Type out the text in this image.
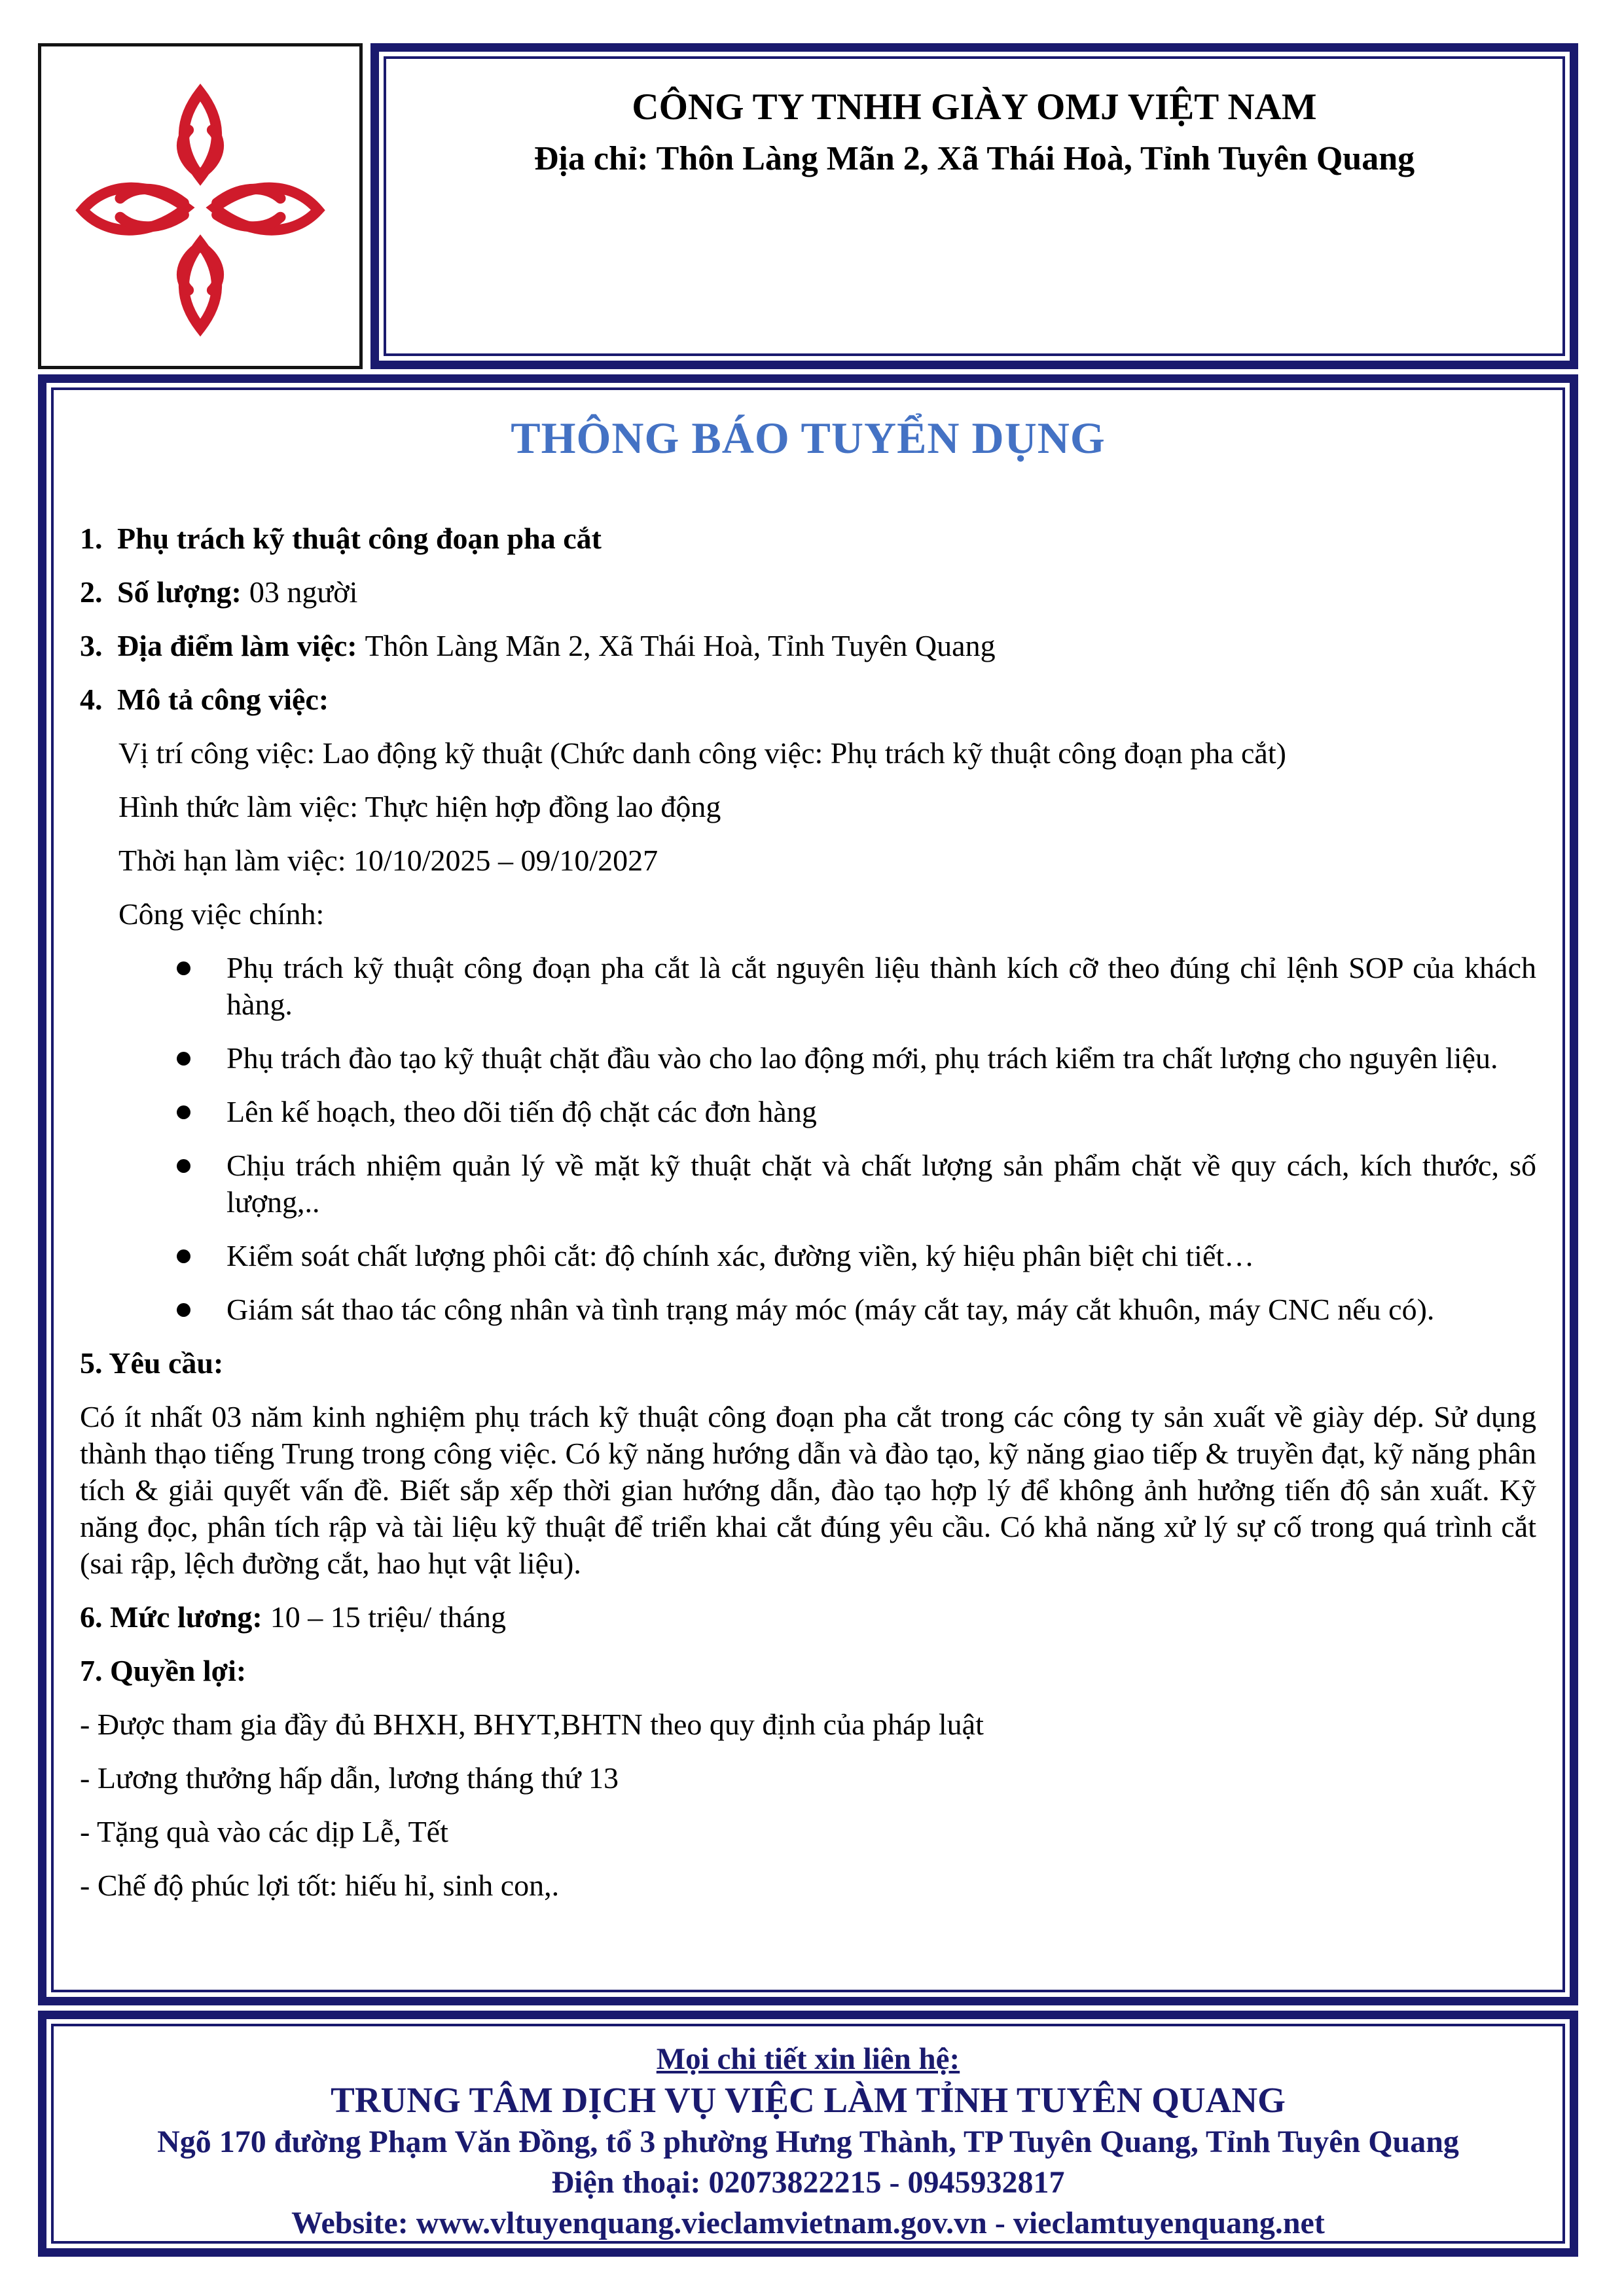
CÔNG TY TNHH GIÀY OMJ VIỆT NAM
Địa chỉ: Thôn Làng Mãn 2, Xã Thái Hoà, Tỉnh Tuyên Quang
THÔNG BÁO TUYỂN DỤNG
1. Phụ trách kỹ thuật công đoạn pha cắt
2. Số lượng: 03 người
3. Địa điểm làm việc: Thôn Làng Mãn 2, Xã Thái Hoà, Tỉnh Tuyên Quang
4. Mô tả công việc:
Vị trí công việc: Lao động kỹ thuật (Chức danh công việc: Phụ trách kỹ thuật công đoạn pha cắt)
Hình thức làm việc: Thực hiện hợp đồng lao động
Thời hạn làm việc: 10/10/2025 – 09/10/2027
Công việc chính:
Phụ trách kỹ thuật công đoạn pha cắt là cắt nguyên liệu thành kích cỡ theo đúng chỉ lệnh SOP của khách hàng.
Phụ trách đào tạo kỹ thuật chặt đầu vào cho lao động mới, phụ trách kiểm tra chất lượng cho nguyên liệu.
Lên kế hoạch, theo dõi tiến độ chặt các đơn hàng
Chịu trách nhiệm quản lý về mặt kỹ thuật chặt và chất lượng sản phẩm chặt về quy cách, kích thước, số lượng,..
Kiểm soát chất lượng phôi cắt: độ chính xác, đường viền, ký hiệu phân biệt chi tiết…
Giám sát thao tác công nhân và tình trạng máy móc (máy cắt tay, máy cắt khuôn, máy CNC nếu có).
5. Yêu cầu:
Có ít nhất 03 năm kinh nghiệm phụ trách kỹ thuật công đoạn pha cắt trong các công ty sản xuất về giày dép. Sử dụng thành thạo tiếng Trung trong công việc. Có kỹ năng hướng dẫn và đào tạo, kỹ năng giao tiếp & truyền đạt, kỹ năng phân tích & giải quyết vấn đề. Biết sắp xếp thời gian hướng dẫn, đào tạo hợp lý để không ảnh hưởng tiến độ sản xuất. Kỹ năng đọc, phân tích rập và tài liệu kỹ thuật để triển khai cắt đúng yêu cầu. Có khả năng xử lý sự cố trong quá trình cắt (sai rập, lệch đường cắt, hao hụt vật liệu).
6. Mức lương: 10 – 15 triệu/ tháng
7. Quyền lợi:
- Được tham gia đầy đủ BHXH, BHYT,BHTN theo quy định của pháp luật
- Lương thưởng hấp dẫn, lương tháng thứ 13
- Tặng quà vào các dịp Lễ, Tết
- Chế độ phúc lợi tốt: hiếu hỉ, sinh con,.
Mọi chi tiết xin liên hệ:
TRUNG TÂM DỊCH VỤ VIỆC LÀM TỈNH TUYÊN QUANG
Ngõ 170 đường Phạm Văn Đồng, tổ 3 phường Hưng Thành, TP Tuyên Quang, Tỉnh Tuyên Quang
Điện thoại: 02073822215 - 0945932817
Website: www.vltuyenquang.vieclamvietnam.gov.vn - vieclamtuyenquang.net
